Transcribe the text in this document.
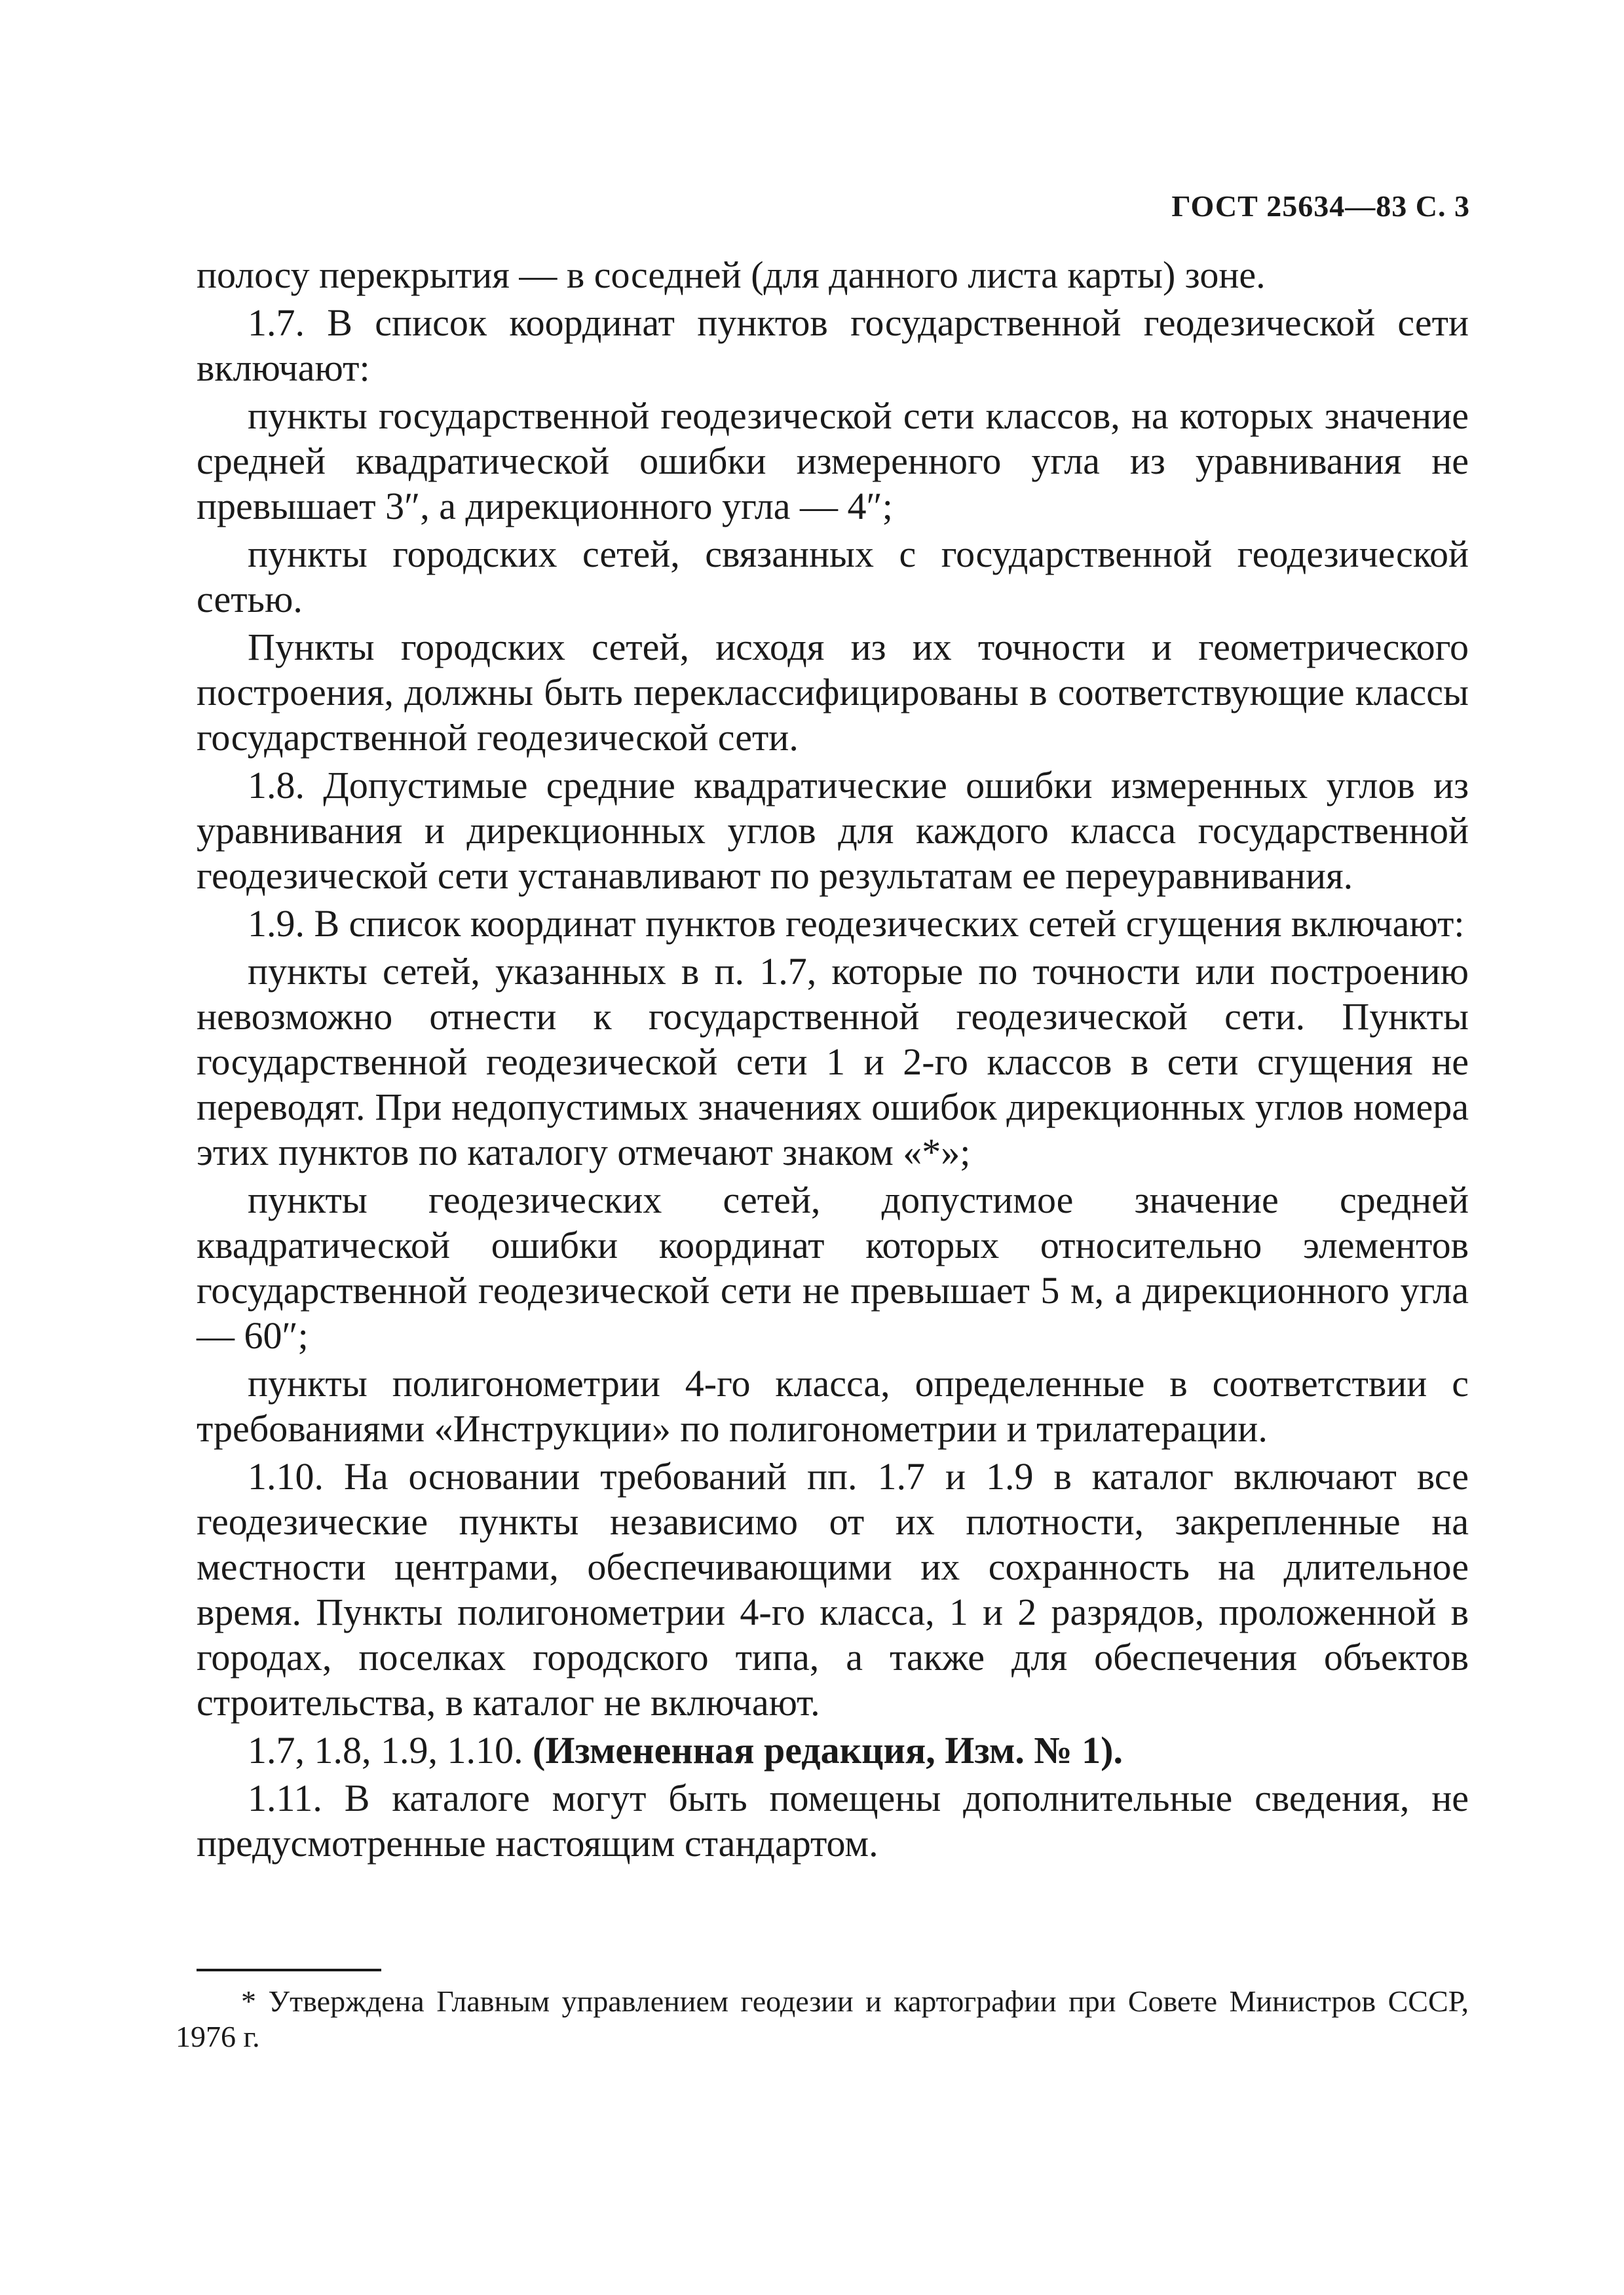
ГОСТ 25634—83 С. 3

полосу перекрытия — в соседней (для данного листа карты) зоне.

1.7. В список координат пунктов государственной геодезической сети включают:

пункты государственной геодезической сети классов, на которых значение средней квадратической ошибки измеренного угла из уравнивания не превышает 3″, а дирекционного угла — 4″;

пункты городских сетей, связанных с государственной геодезической сетью.

Пункты городских сетей, исходя из их точности и геометрического построения, должны быть переклассифицированы в соответствующие классы государственной геодезической сети.

1.8. Допустимые средние квадратические ошибки измеренных углов из уравнивания и дирекционных углов для каждого класса государственной геодезической сети устанавливают по результатам ее переуравнивания.

1.9. В список координат пунктов геодезических сетей сгущения включают:

пункты сетей, указанных в п. 1.7, которые по точности или построению невозможно отнести к государственной геодезической сети. Пункты государственной геодезической сети 1 и 2-го классов в сети сгущения не переводят. При недопустимых значениях ошибок дирекционных углов номера этих пунктов по каталогу отмечают знаком «*»;

пункты геодезических сетей, допустимое значение средней квадратической ошибки координат которых относительно элементов государственной геодезической сети не превышает 5 м, а дирекционного угла — 60″;

пункты полигонометрии 4-го класса, определенные в соответствии с требованиями «Инструкции» по полигонометрии и трилатерации.

1.10. На основании требований пп. 1.7 и 1.9 в каталог включают все геодезические пункты независимо от их плотности, закрепленные на местности центрами, обеспечивающими их сохранность на длительное время. Пункты полигонометрии 4-го класса, 1 и 2 разрядов, проложенной в городах, поселках городского типа, а также для обеспечения объектов строительства, в каталог не включают.

1.7, 1.8, 1.9, 1.10. (Измененная редакция, Изм. № 1).

1.11. В каталоге могут быть помещены дополнительные сведения, не предусмотренные настоящим стандартом.

* Утверждена Главным управлением геодезии и картографии при Совете Министров СССР, 1976 г.
